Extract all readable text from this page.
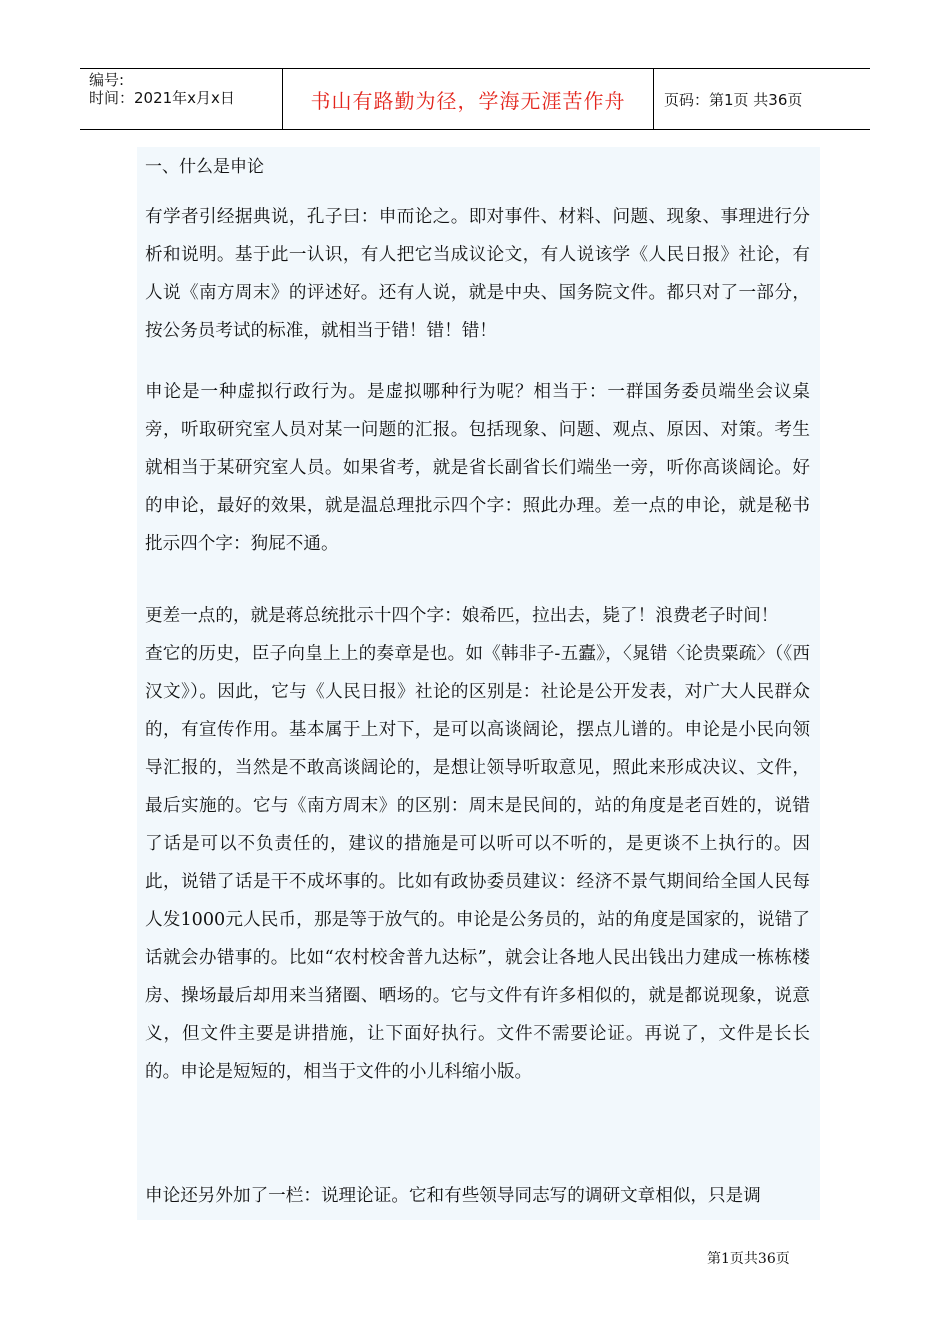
编号:
时间：2021年x月x日	书山有路勤为径，学海无涯苦作舟	页码：第1页 共36页
一、什么是申论

有学者引经据典说，孔子曰：申而论之。即对事件、材料、问题、现象、事理进行分析和说明。基于此一认识，有人把它当成议论文，有人说该学《人民日报》社论，有人说《南方周末》的评述好。还有人说，就是中央、国务院文件。都只对了一部分，按公务员考试的标准，就相当于错！错！错！

申论是一种虚拟行政行为。是虚拟哪种行为呢？相当于：一群国务委员端坐会议桌旁，听取研究室人员对某一问题的汇报。包括现象、问题、观点、原因、对策。考生就相当于某研究室人员。如果省考，就是省长副省长们端坐一旁，听你高谈阔论。好的申论，最好的效果，就是温总理批示四个字：照此办理。差一点的申论，就是秘书批示四个字：狗屁不通。

更差一点的，就是蒋总统批示十四个字：娘希匹，拉出去，毙了！浪费老子时间！

查它的历史，臣子向皇上上的奏章是也。如《韩非子-五蠹》，〈晁错〈论贵粟疏〉（《西汉文》）。因此，它与《人民日报》社论的区别是：社论是公开发表，对广大人民群众的，有宣传作用。基本属于上对下，是可以高谈阔论，摆点儿谱的。申论是小民向领导汇报的，当然是不敢高谈阔论的，是想让领导听取意见，照此来形成决议、文件，最后实施的。它与《南方周末》的区别：周末是民间的，站的角度是老百姓的，说错了话是可以不负责任的，建议的措施是可以听可以不听的，是更谈不上执行的。因此，说错了话是干不成坏事的。比如有政协委员建议：经济不景气期间给全国人民每人发1000元人民币，那是等于放气的。申论是公务员的，站的角度是国家的，说错了话就会办错事的。比如“农村校舍普九达标”，就会让各地人民出钱出力建成一栋栋楼房、操场最后却用来当猪圈、晒场的。它与文件有许多相似的，就是都说现象，说意义，但文件主要是讲措施，让下面好执行。文件不需要论证。再说了，文件是长长的。申论是短短的，相当于文件的小儿科缩小版。

申论还另外加了一栏：说理论证。它和有些领导同志写的调研文章相似，只是调

第1页共36页
